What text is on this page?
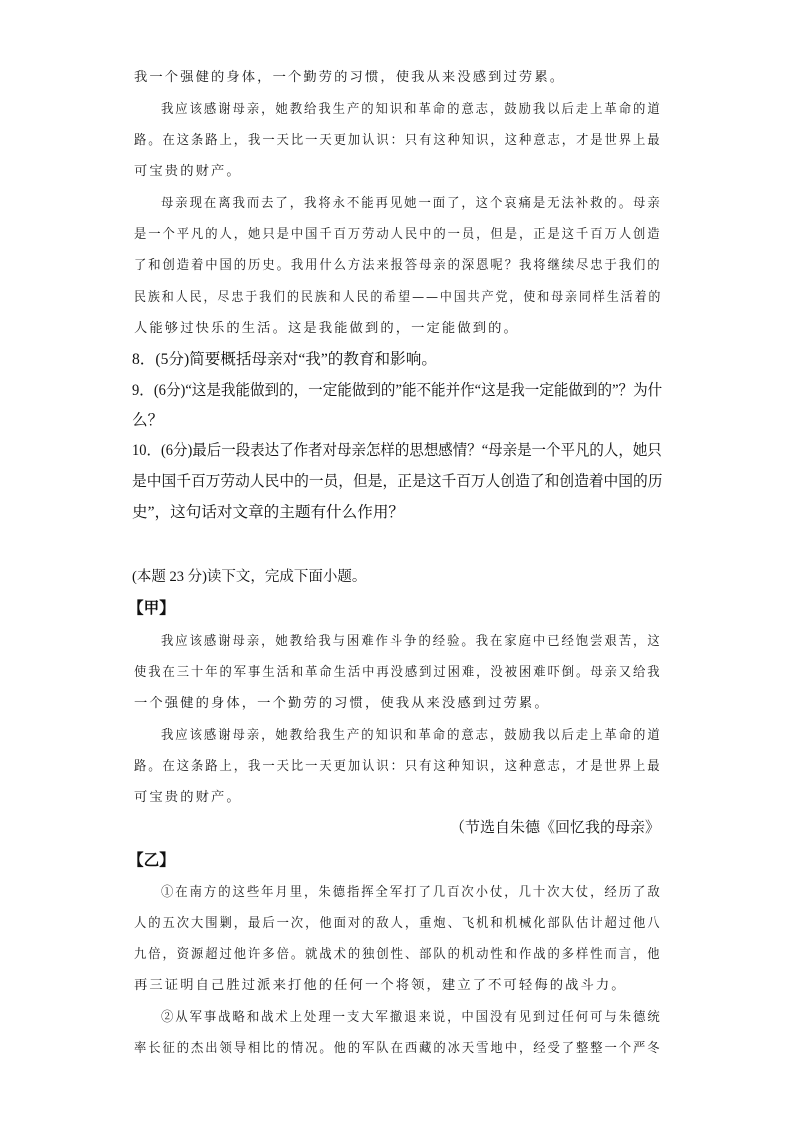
我一个强健的身体，一个勤劳的习惯，使我从来没感到过劳累。
我应该感谢母亲，她教给我生产的知识和革命的意志，鼓励我以后走上革命的道
路。在这条路上，我一天比一天更加认识：只有这种知识，这种意志，才是世界上最
可宝贵的财产。
母亲现在离我而去了，我将永不能再见她一面了，这个哀痛是无法补救的。母亲
是一个平凡的人，她只是中国千百万劳动人民中的一员，但是，正是这千百万人创造
了和创造着中国的历史。我用什么方法来报答母亲的深恩呢？我将继续尽忠于我们的
民族和人民，尽忠于我们的民族和人民的希望——中国共产党，使和母亲同样生活着的
人能够过快乐的生活。这是我能做到的，一定能做到的。
8．(5分)简要概括母亲对“我”的教育和影响。
9．(6分)“这是我能做到的，一定能做到的”能不能并作“这是我一定能做到的”？为什
么？
10．(6分)最后一段表达了作者对母亲怎样的思想感情？“母亲是一个平凡的人，她只
是中国千百万劳动人民中的一员，但是，正是这千百万人创造了和创造着中国的历
史”，这句话对文章的主题有什么作用？
(本题 23 分)读下文，完成下面小题。
【甲】
我应该感谢母亲，她教给我与困难作斗争的经验。我在家庭中已经饱尝艰苦，这
使我在三十年的军事生活和革命生活中再没感到过困难，没被困难吓倒。母亲又给我
一个强健的身体，一个勤劳的习惯，使我从来没感到过劳累。
我应该感谢母亲，她教给我生产的知识和革命的意志，鼓励我以后走上革命的道
路。在这条路上，我一天比一天更加认识：只有这种知识，这种意志，才是世界上最
可宝贵的财产。
（节选自朱德《回忆我的母亲》
【乙】
①在南方的这些年月里，朱德指挥全军打了几百次小仗，几十次大仗，经历了敌
人的五次大围剿，最后一次，他面对的敌人，重炮、飞机和机械化部队估计超过他八
九倍，资源超过他许多倍。就战术的独创性、部队的机动性和作战的多样性而言，他
再三证明自己胜过派来打他的任何一个将领，建立了不可轻侮的战斗力。
②从军事战略和战术上处理一支大军撤退来说，中国没有见到过任何可与朱德统
率长征的杰出领导相比的情况。他的军队在西藏的冰天雪地中，经受了整整一个严冬
